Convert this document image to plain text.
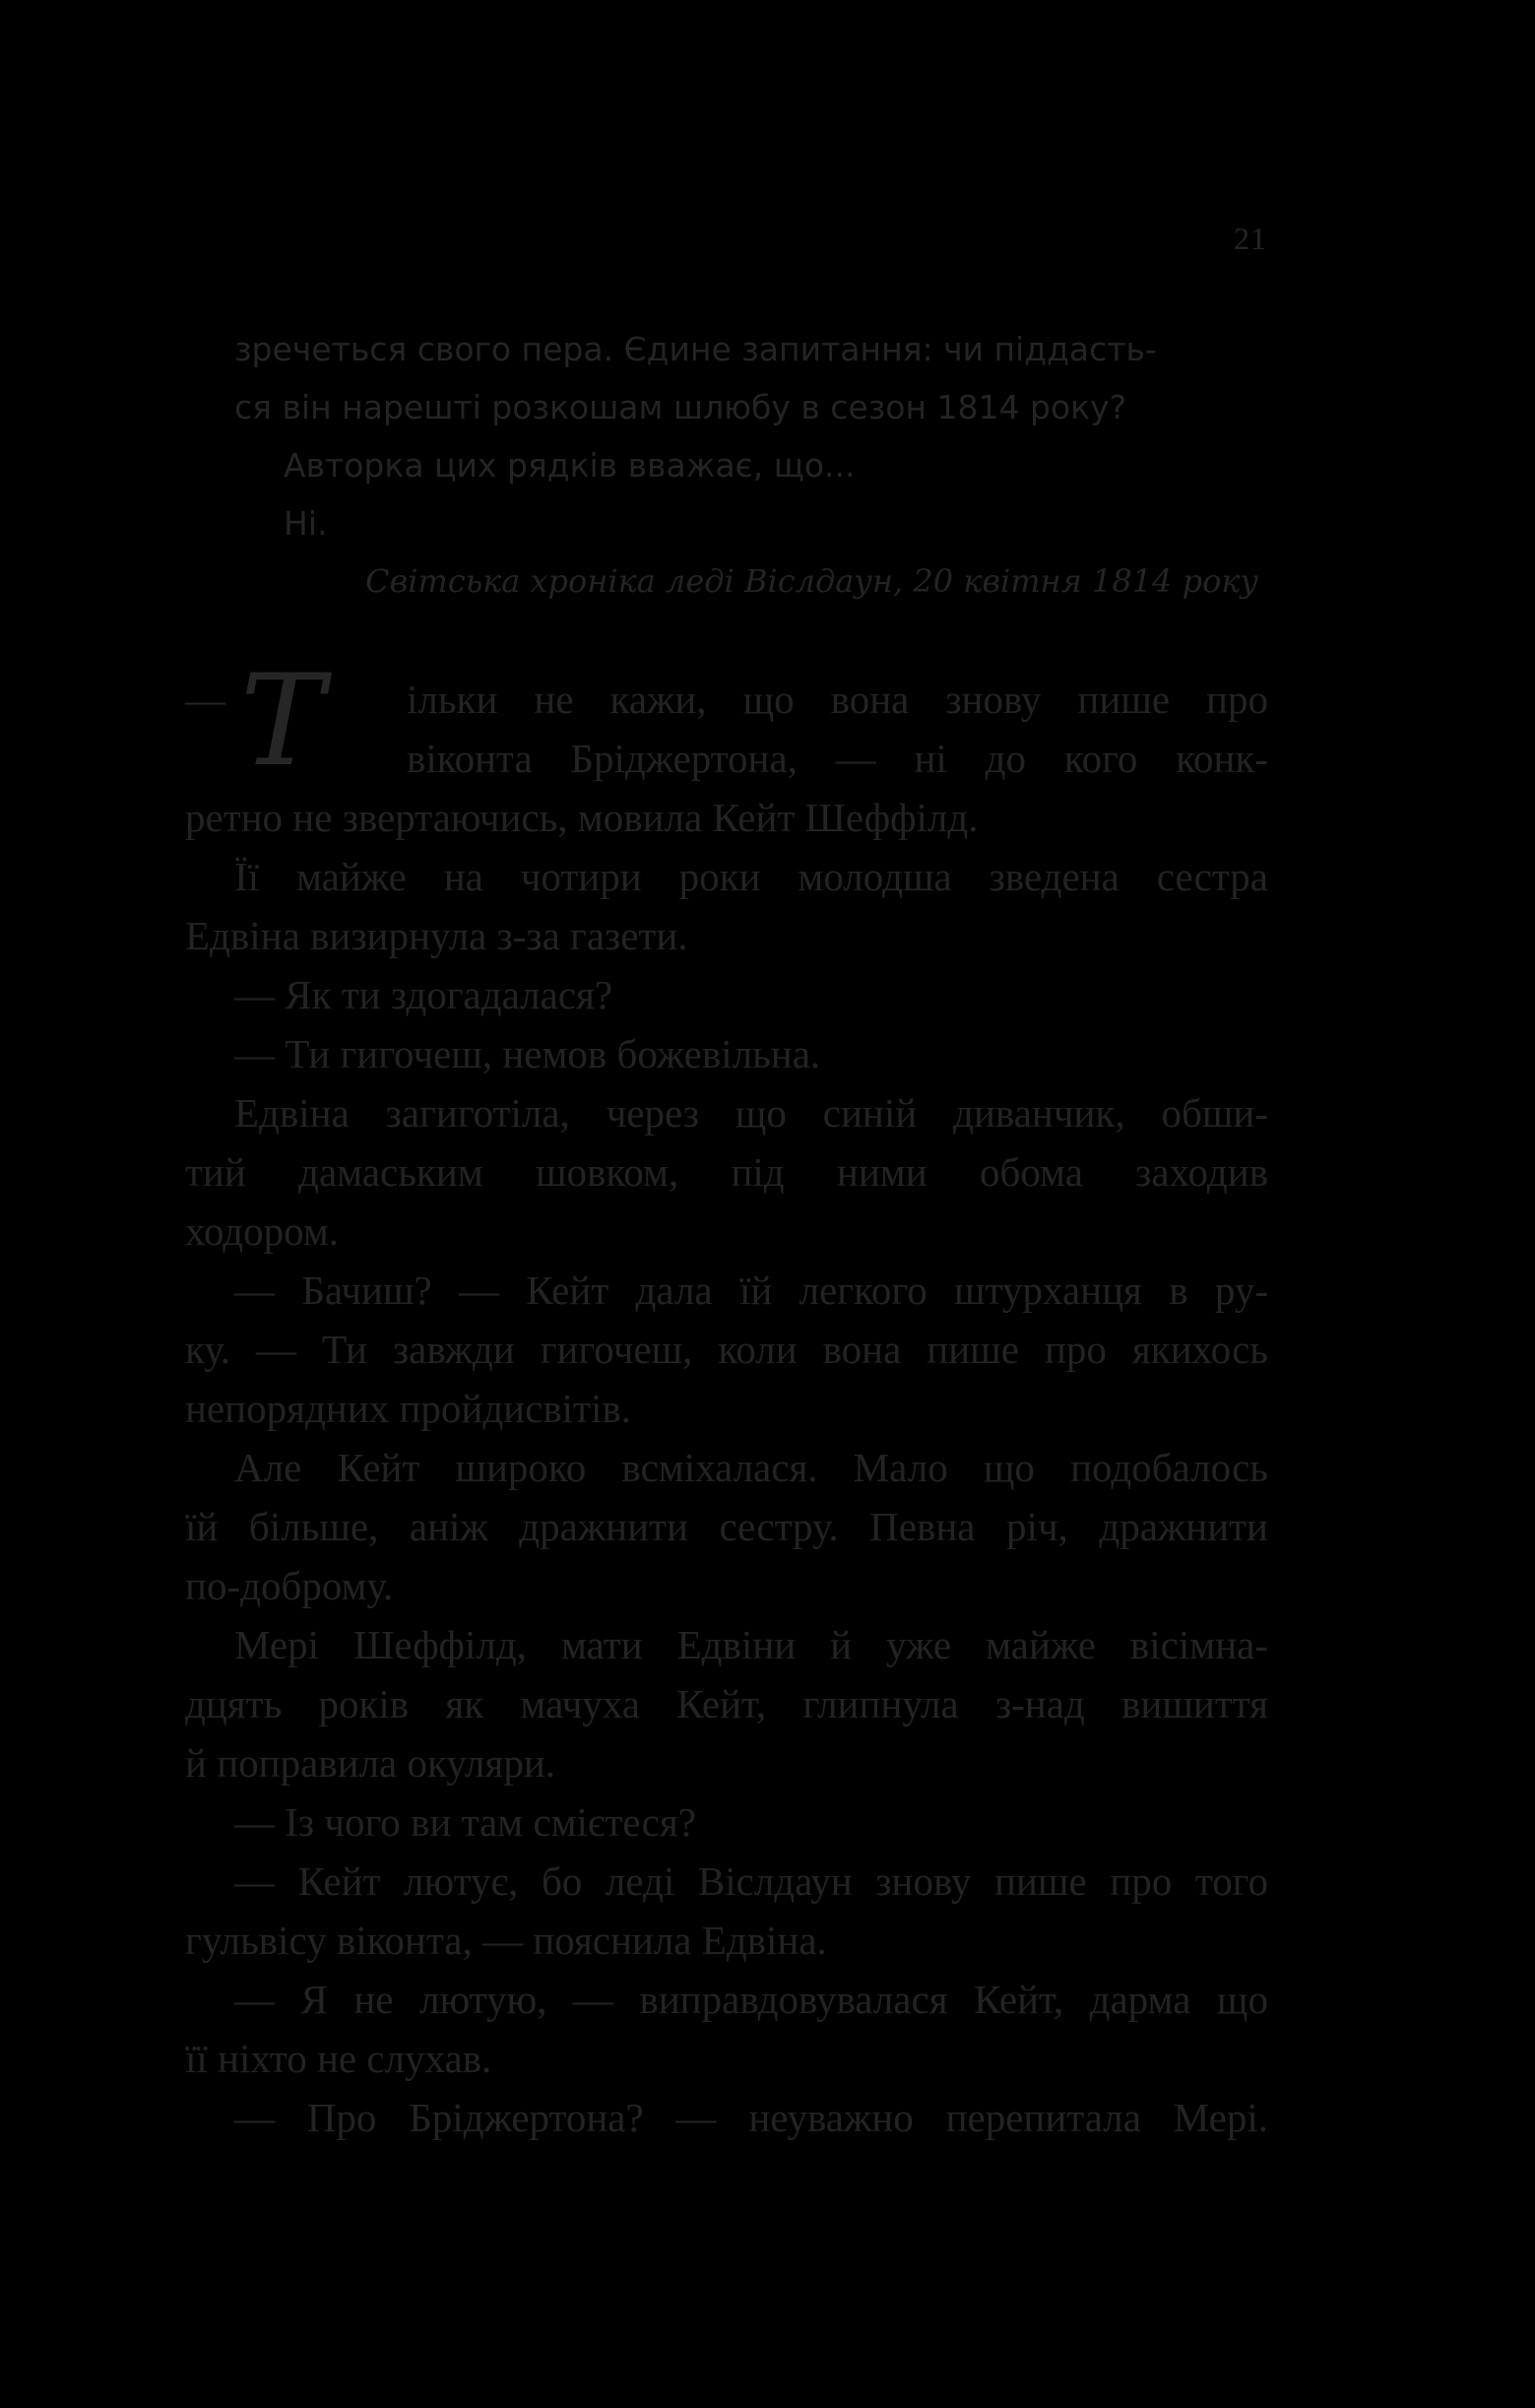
21
зречеться свого пера. Єдине запитання: чи піддасть-
ся він нарешті розкошам шлюбу в сезон 1814 року?
Авторка цих рядків вважає, що...
Ні.
Світська хроніка леді Віслдаун, 20 квітня 1814 року
— Т ільки не кажи, що вона знову пише про
віконта Бріджертона, — ні до кого конк-
ретно не звертаючись, мовила Кейт Шеффілд.
Її майже на чотири роки молодша зведена сестра
Едвіна визирнула з-за газети.
— Як ти здогадалася?
— Ти гигочеш, немов божевільна.
Едвіна загиготіла, через що синій диванчик, обши-
тий дамаським шовком, під ними обома заходив
ходором.
— Бачиш? — Кейт дала їй легкого штурханця в ру-
ку. — Ти завжди гигочеш, коли вона пише про якихось
непорядних пройдисвітів.
Але Кейт широко всміхалася. Мало що подобалось
їй більше, аніж дражнити сестру. Певна річ, дражнити
по-доброму.
Мері Шеффілд, мати Едвіни й уже майже вісімна-
дцять років як мачуха Кейт, глипнула з-над вишиття
й поправила окуляри.
— Із чого ви там смієтеся?
— Кейт лютує, бо леді Віслдаун знову пише про того
гульвісу віконта, — пояснила Едвіна.
— Я не лютую, — виправдовувалася Кейт, дарма що
її ніхто не слухав.
— Про Бріджертона? — неуважно перепитала Мері.
